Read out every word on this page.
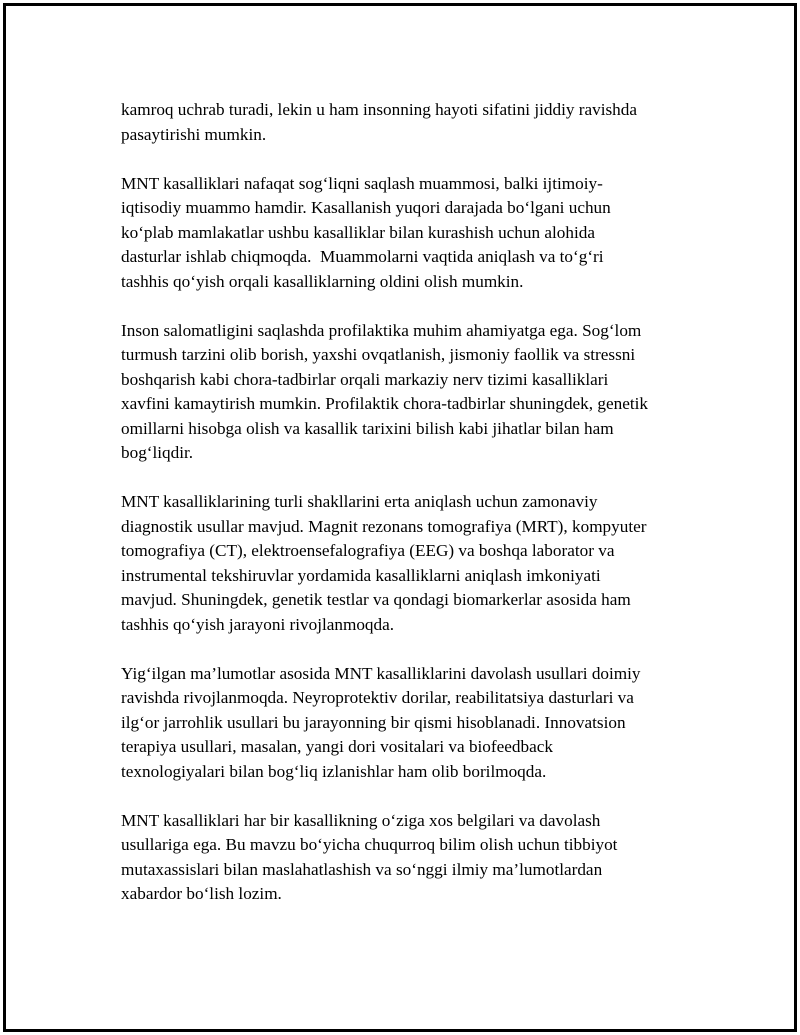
kamroq uchrab turadi, lekin u ham insonning hayoti sifatini jiddiy ravishda
pasaytirishi mumkin.
MNT kasalliklari nafaqat sog‘liqni saqlash muammosi, balki ijtimoiy-
iqtisodiy muammo hamdir. Kasallanish yuqori darajada bo‘lgani uchun
ko‘plab mamlakatlar ushbu kasalliklar bilan kurashish uchun alohida
dasturlar ishlab chiqmoqda.  Muammolarni vaqtida aniqlash va to‘g‘ri
tashhis qo‘yish orqali kasalliklarning oldini olish mumkin.
Inson salomatligini saqlashda profilaktika muhim ahamiyatga ega. Sog‘lom
turmush tarzini olib borish, yaxshi ovqatlanish, jismoniy faollik va stressni
boshqarish kabi chora-tadbirlar orqali markaziy nerv tizimi kasalliklari
xavfini kamaytirish mumkin. Profilaktik chora-tadbirlar shuningdek, genetik
omillarni hisobga olish va kasallik tarixini bilish kabi jihatlar bilan ham
bog‘liqdir.
MNT kasalliklarining turli shakllarini erta aniqlash uchun zamonaviy
diagnostik usullar mavjud. Magnit rezonans tomografiya (MRT), kompyuter
tomografiya (CT), elektroensefalografiya (EEG) va boshqa laborator va
instrumental tekshiruvlar yordamida kasalliklarni aniqlash imkoniyati
mavjud. Shuningdek, genetik testlar va qondagi biomarkerlar asosida ham
tashhis qo‘yish jarayoni rivojlanmoqda.
Yig‘ilgan ma’lumotlar asosida MNT kasalliklarini davolash usullari doimiy
ravishda rivojlanmoqda. Neyroprotektiv dorilar, reabilitatsiya dasturlari va
ilg‘or jarrohlik usullari bu jarayonning bir qismi hisoblanadi. Innovatsion
terapiya usullari, masalan, yangi dori vositalari va biofeedback
texnologiyalari bilan bog‘liq izlanishlar ham olib borilmoqda.
MNT kasalliklari har bir kasallikning o‘ziga xos belgilari va davolash
usullariga ega. Bu mavzu bo‘yicha chuqurroq bilim olish uchun tibbiyot
mutaxassislari bilan maslahatlashish va so‘nggi ilmiy ma’lumotlardan
xabardor bo‘lish lozim.
